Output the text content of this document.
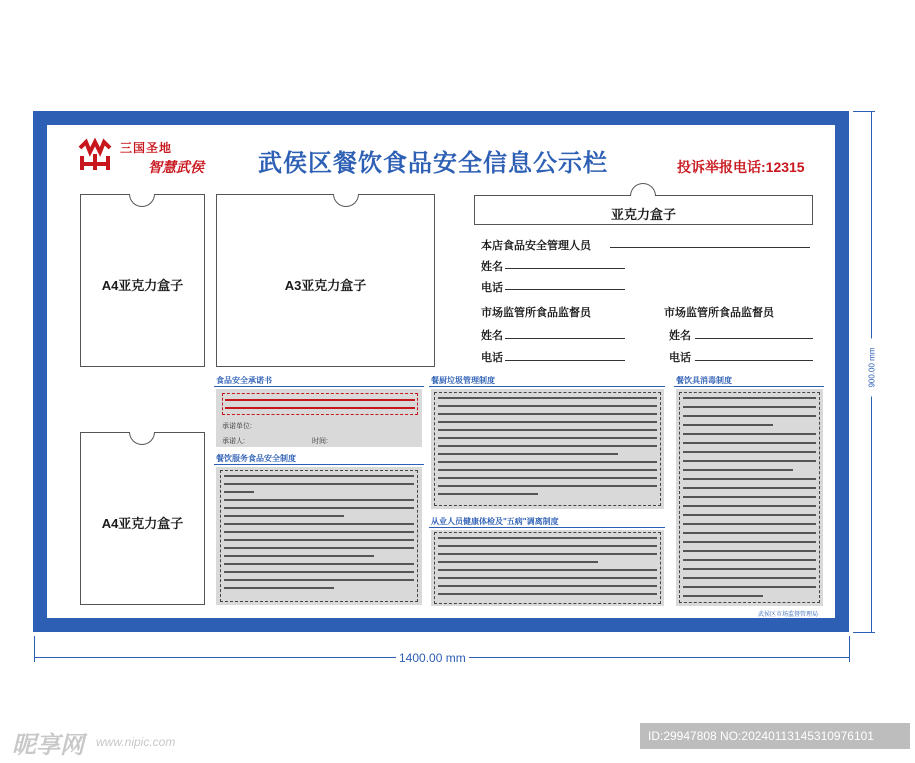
三国圣地
智慧武侯 武侯区餐饮食品安全信息公示栏	投诉举报电话:12315
A4亚克力盒子	A3亚克力盒子
A4亚克力盒子
亚克力盒子
本店食品安全管理人员
姓名
电话
市场监管所食品监督员
姓名
电话
市场监管所食品监督员
姓名
电话
食品安全承诺书
承诺单位:
承诺人:	时间:
餐饮服务食品安全制度
餐厨垃圾管理制度
从业人员健康体检及"五病"调离制度
餐饮具消毒制度
武侯区市场监督管理局
1400.00 mm
900.00 mm
昵享网 www.nipic.com	ID:29947808 NO:20240113145310976101
